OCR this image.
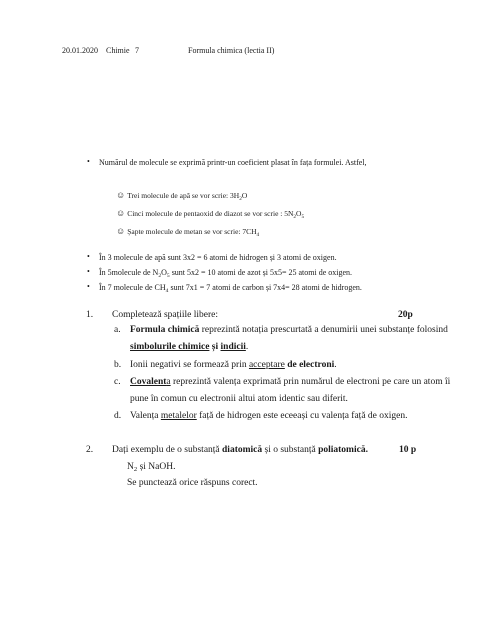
20.01.2020 Chimie 7	Formula chimica (lectia II)
• Numărul de molecule se exprimă printr-un coeficient plasat în fața formulei. Astfel,
☺ Trei molecule de apă se vor scrie: $3H_2O$
☺ Cinci molecule de pentaoxid de diazot se vor scrie : $5N_2O_5$
☺ Șapte molecule de metan se vor scrie: $7CH_4$
• În 3 molecule de apă sunt 3x2 = 6 atomi de hidrogen și 3 atomi de oxigen.
• În 5molecule de $N_2O_5$ sunt 5x2 = 10 atomi de azot și 5x5= 25 atomi de oxigen.
• În 7 molecule de $CH_4$ sunt 7x1 = 7 atomi de carbon și 7x4= 28 atomi de hidrogen.
1. Completează spațiile libere:	20p
a. Formula chimică reprezintă notația prescurtată a denumirii unei substanțe folosind
simbolurile chimice și indicii.
b. Ionii negativi se formează prin acceptare de electroni.
c. Covalenta reprezintă valența exprimată prin numărul de electroni pe care un atom îi
pune în comun cu electronii altui atom identic sau diferit.
d. Valența metalelor față de hidrogen este eceeași cu valența față de oxigen.
2. Dați exemplu de o substanță diatomică și o substanță poliatomică.	10 p
$N_2$ și NaOH.
Se punctează orice răspuns corect.
